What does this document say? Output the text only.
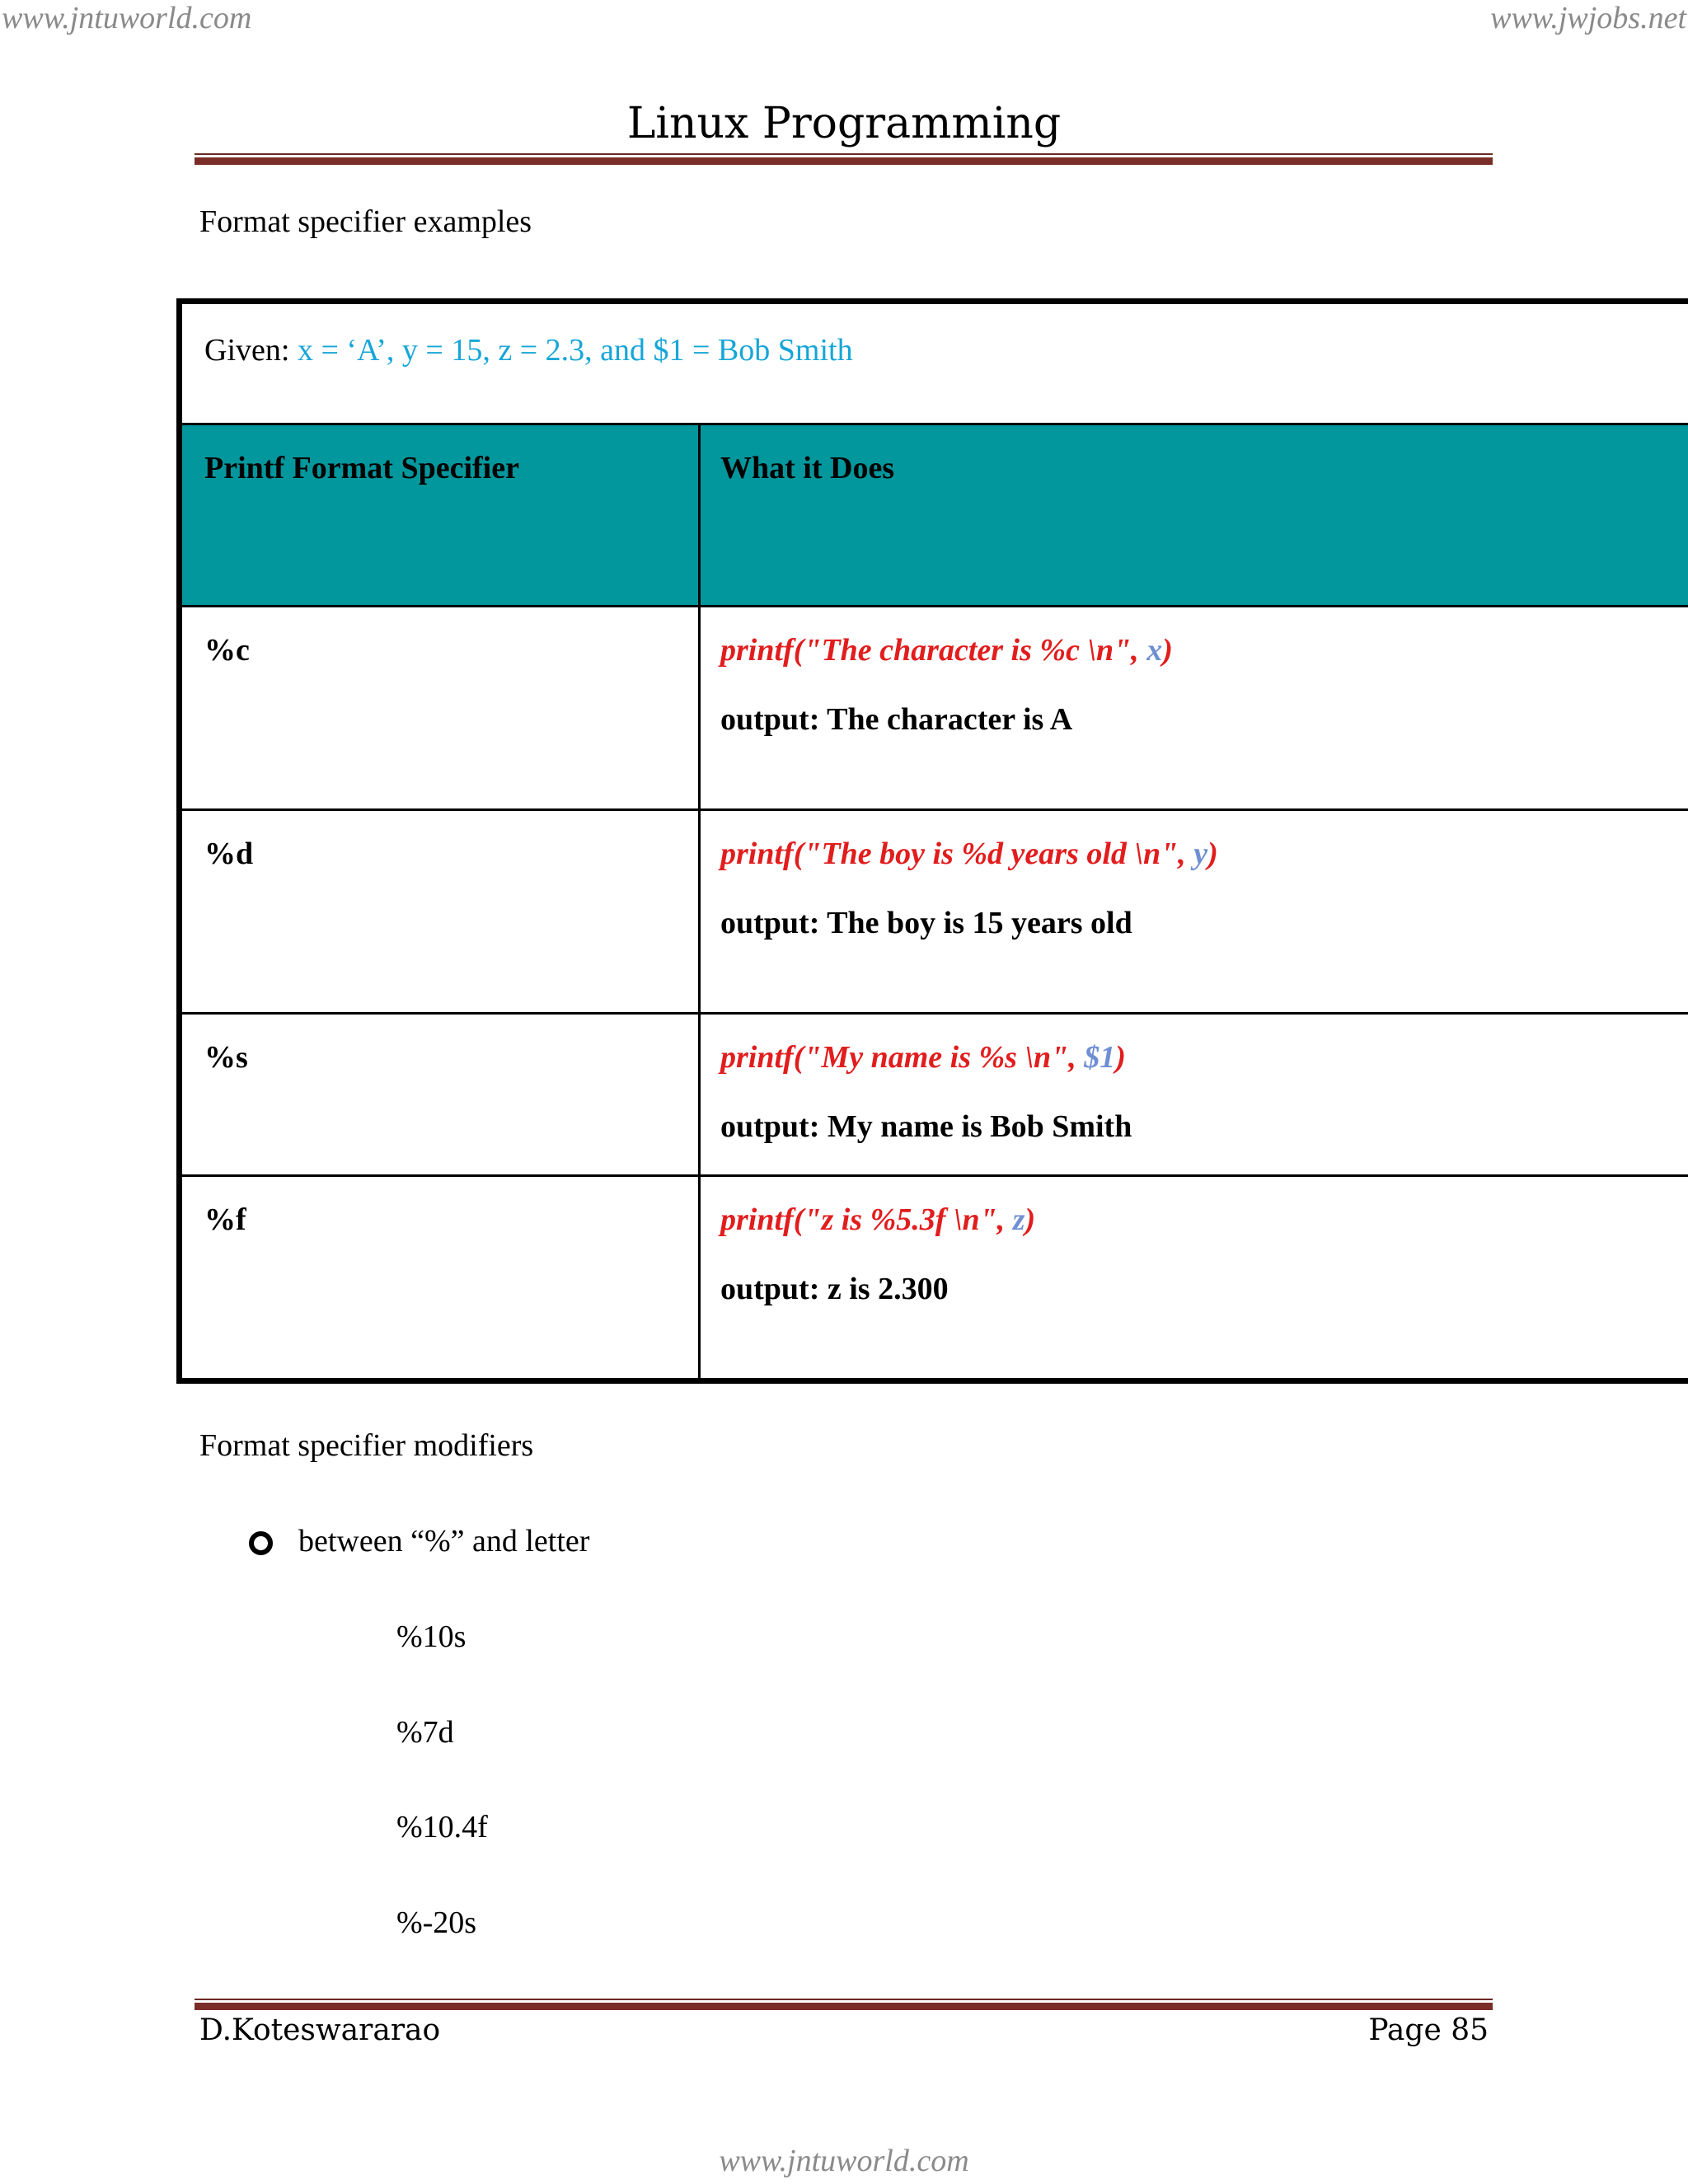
www.jntuworld.com	www.jwjobs.net
Linux Programming
Format specifier examples
Given: x = ‘A’, y = 15, z = 2.3, and $1 = Bob Smith	

Printf Format Specifier	What it Does
%c	printf("The character is %c \n", x)
output: The character is A

%d	printf("The boy is %d years old \n", y)
output: The boy is 15 years old

%s	printf("My name is %s \n", $1)
output: My name is Bob Smith

%f	printf("z is %5.3f \n", z)
output: z is 2.300
Format specifier modifiers
between “%” and letter
%10s
%7d
%10.4f
%-20s
D.Koteswararao	Page 85
www.jntuworld.com
